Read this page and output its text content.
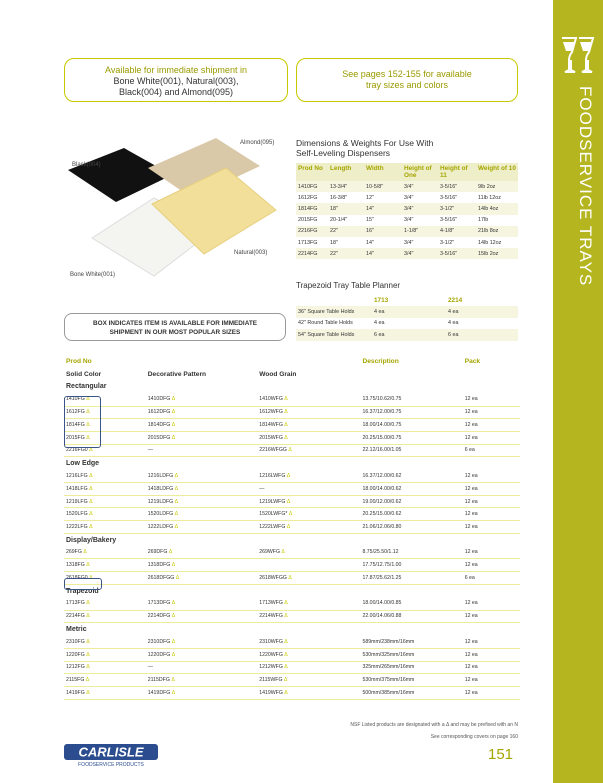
FOODSERVICE TRAYS
Available for immediate shipment in
Bone White(001), Natural(003),
Black(004) and Almond(095)
See pages 152-155 for available
tray sizes and colors
Almond(095)
Black(004)
Natural(003)
Bone White(001)
Dimensions & Weights For Use With
Self-Leveling Dispensers
Prod No	Length	Width	Height of One	Height of 11	Weight of 10
1410FG	13-3/4"	10-5/8"	3/4"	3-5/16"	9lb 2oz
1612FG	16-3/8"	12"	3/4"	3-5/16"	11lb 12oz
1814FG	18"	14"	3/4"	3-1/2"	14lb 4oz
2015FG	20-1/4"	15"	3/4"	3-5/16"	17lb
2216FG	22"	16"	1-1/8"	4-1/8"	21lb 8oz
1713FG	18"	14"	3/4"	3-1/2"	14lb 12oz
2214FG	22"	14"	3/4"	3-5/16"	15lb 2oz
Trapezoid Tray Table Planner
	1713	2214
36" Square Table Holds	4 ea	4 ea
42" Round Table Holds	4 ea	4 ea
54" Square Table Holds	6 ea	6 ea
BOX INDICATES ITEM IS AVAILABLE FOR IMMEDIATE
SHIPMENT IN OUR MOST POPULAR SIZES
Prod No			Description	Pack
Solid Color	Decorative Pattern	Wood Grain		
Rectangular				
1410FG Δ	1410DFG Δ	1410WFG Δ	13.75/10.62/0.75	12 ea
1612FG Δ	1612DFG Δ	1612WFG Δ	16.37/12.00/0.75	12 ea
1814FG Δ	1814DFG Δ	1814WFG Δ	18.00/14.00/0.75	12 ea
2015FG Δ	2015DFG Δ	2015WFG Δ	20.25/15.00/0.75	12 ea
2216FG0 Δ	—	2216WFGG Δ	22.12/16.00/1.05	6 ea
Low Edge				
1216LFG Δ	1216LDFG Δ	1216LWFG Δ	16.37/12.00/0.62	12 ea
1418LFG Δ	1418LDFG Δ	—	18.00/14.00/0.62	12 ea
1219LFG Δ	1219LDFG Δ	1219LWFG Δ	19.00/12.00/0.62	12 ea
1520LFG Δ	1520LDFG Δ	1520LWFG* Δ	20.25/15.00/0.62	12 ea
1222LFG Δ	1222LDFG Δ	1222LWFG Δ	21.06/12.06/0.80	12 ea
Display/Bakery				
269FG Δ	269DFG Δ	269WFG Δ	8.75/25.50/1.12	12 ea
1318FG Δ	1318DFG Δ		17.75/12.75/1.00	12 ea
2618FG0 Δ	2618DFGG Δ	2618WFGG Δ	17.87/25.62/1.25	6 ea
Trapezoid				
1713FG Δ	1713DFG Δ	1713WFG Δ	18.00/14.00/0.85	12 ea
2214FG Δ	2214DFG Δ	2214WFG Δ	22.00/14.06/0.88	12 ea
Metric				
2310FG Δ	2310DFG Δ	2310WFG Δ	589mm/238mm/16mm	12 ea
1220FG Δ	1220DFG Δ	1220WFG Δ	530mm/325mm/16mm	12 ea
1212FG Δ	—	1212WFG Δ	325mm/265mm/16mm	12 ea
2115FG Δ	2115DFG Δ	2115WFG Δ	530mm/375mm/16mm	12 ea
1419FG Δ	1419DFG Δ	1419WFG Δ	500mm/385mm/16mm	12 ea
NSF Listed products are designated with a Δ and may be prefixed with an N
See corresponding covers on page 160
CARLISLE
FOODSERVICE PRODUCTS
151
